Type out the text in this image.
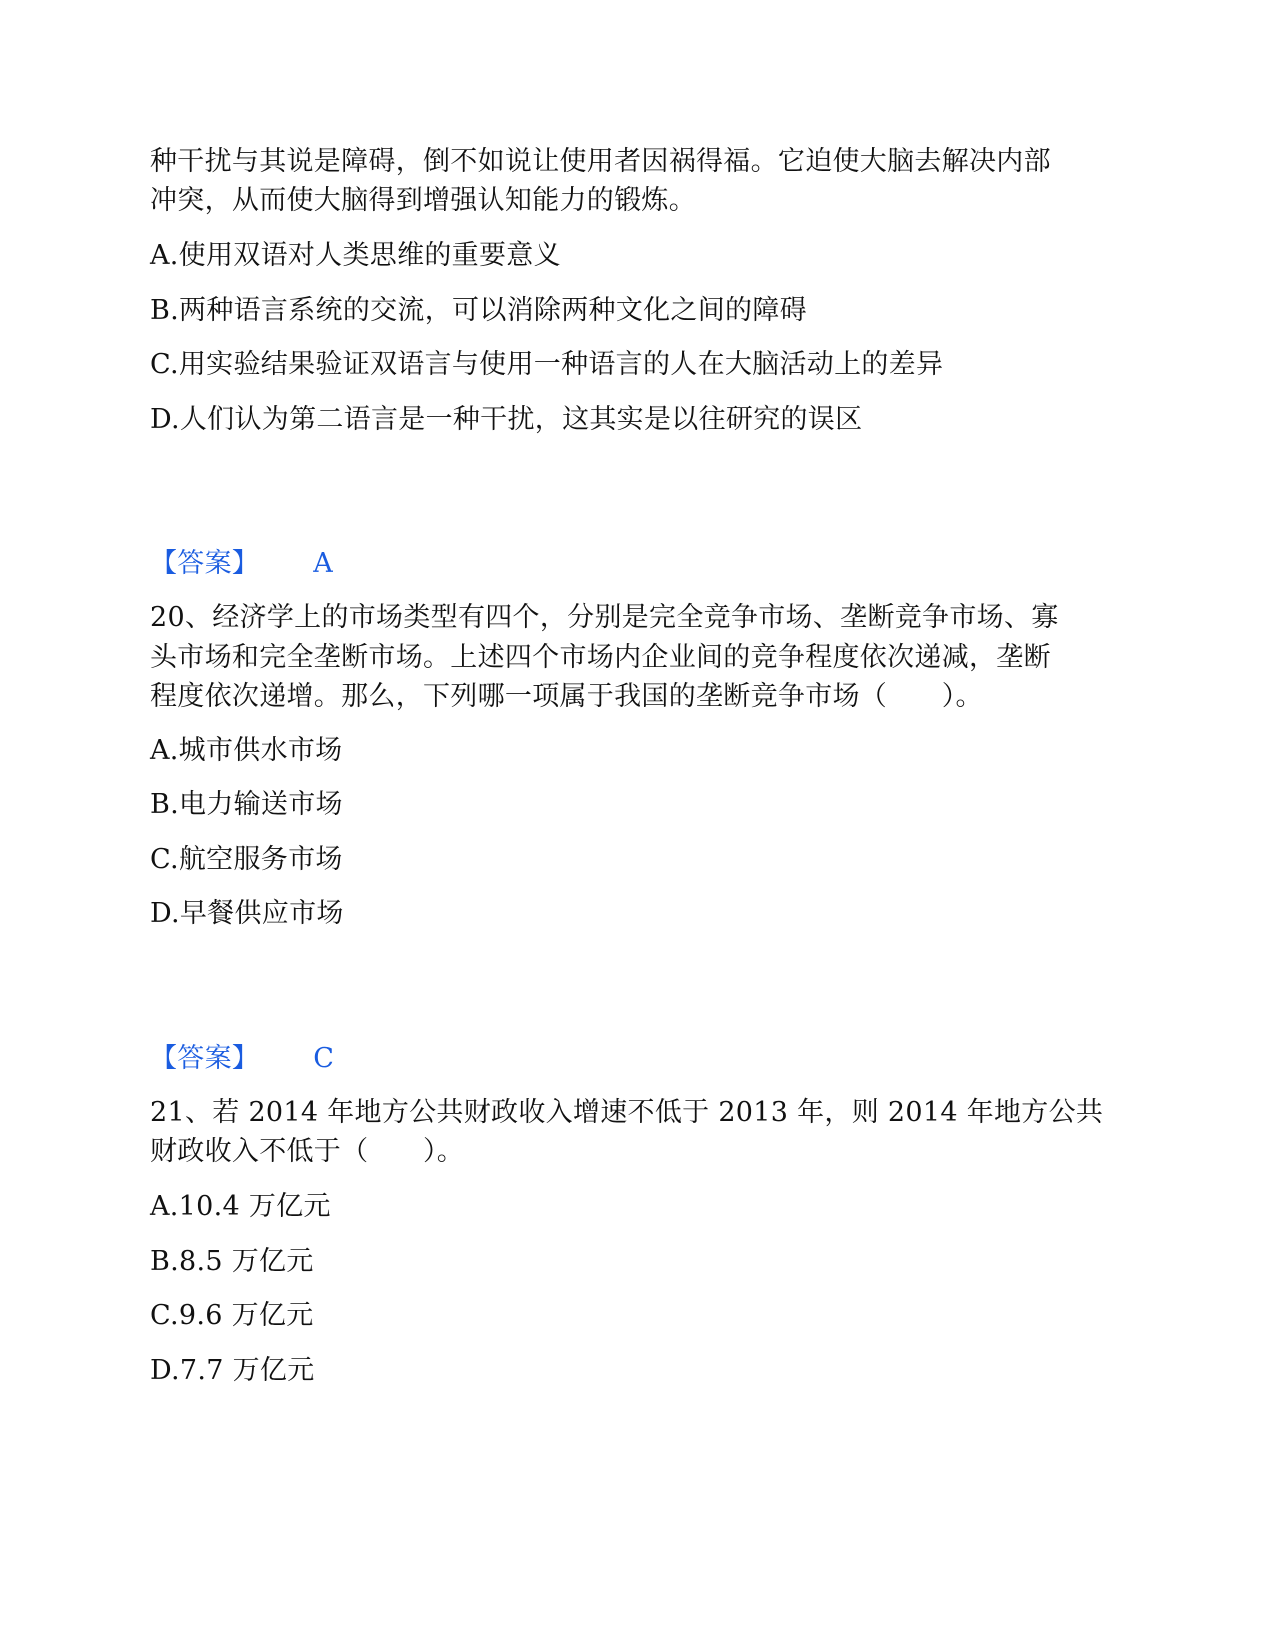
种干扰与其说是障碍，倒不如说让使用者因祸得福。它迫使大脑去解决内部
冲突，从而使大脑得到增强认知能力的锻炼。
A.使用双语对人类思维的重要意义
B.两种语言系统的交流，可以消除两种文化之间的障碍
C.用实验结果验证双语言与使用一种语言的人在大脑活动上的差异
D.人们认为第二语言是一种干扰，这其实是以往研究的误区
【答案】 A
20、经济学上的市场类型有四个，分别是完全竞争市场、垄断竞争市场、寡
头市场和完全垄断市场。上述四个市场内企业间的竞争程度依次递减，垄断
程度依次递增。那么，下列哪一项属于我国的垄断竞争市场（　　）。
A.城市供水市场
B.电力输送市场
C.航空服务市场
D.早餐供应市场
【答案】 C
21、若 2014 年地方公共财政收入增速不低于 2013 年，则 2014 年地方公共
财政收入不低于（　　）。
A.10.4 万亿元
B.8.5 万亿元
C.9.6 万亿元
D.7.7 万亿元
